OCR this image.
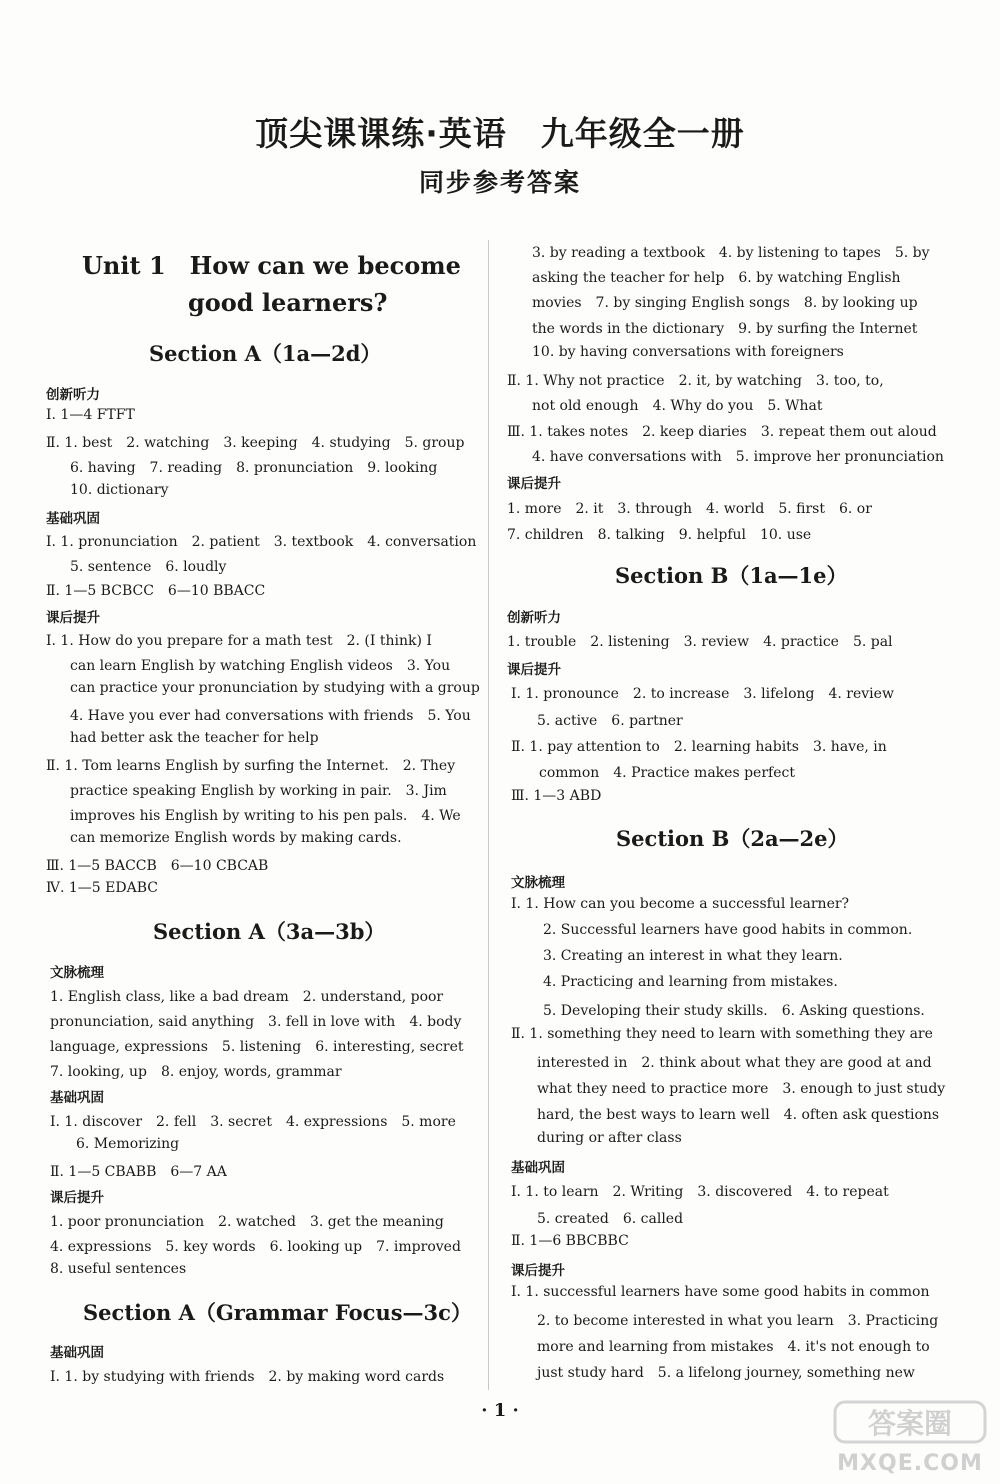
顶尖课课练·英语　九年级全一册
同步参考答案
Unit 1　How can we become
good learners?
Section A（1a—2d）
创新听力
Ⅰ. 1—4 FTFT
Ⅱ. 1. best　2. watching　3. keeping　4. studying　5. group
6. having　7. reading　8. pronunciation　9. looking
10. dictionary
基础巩固
Ⅰ. 1. pronunciation　2. patient　3. textbook　4. conversation
5. sentence　6. loudly
Ⅱ. 1—5 BCBCC　6—10 BBACC
课后提升
Ⅰ. 1. How do you prepare for a math test　2. (I think) I
can learn English by watching English videos　3. You
can practice your pronunciation by studying with a group
4. Have you ever had conversations with friends　5. You
had better ask the teacher for help
Ⅱ. 1. Tom learns English by surfing the Internet.　2. They
practice speaking English by working in pair.　3. Jim
improves his English by writing to his pen pals.　4. We
can memorize English words by making cards.
Ⅲ. 1—5 BACCB　6—10 CBCAB
Ⅳ. 1—5 EDABC
Section A（3a—3b）
文脉梳理
1. English class, like a bad dream　2. understand, poor
pronunciation, said anything　3. fell in love with　4. body
language, expressions　5. listening　6. interesting, secret
7. looking, up　8. enjoy, words, grammar
基础巩固
Ⅰ. 1. discover　2. fell　3. secret　4. expressions　5. more
6. Memorizing
Ⅱ. 1—5 CBABB　6—7 AA
课后提升
1. poor pronunciation　2. watched　3. get the meaning
4. expressions　5. key words　6. looking up　7. improved
8. useful sentences
Section A（Grammar Focus—3c）
基础巩固
Ⅰ. 1. by studying with friends　2. by making word cards
3. by reading a textbook　4. by listening to tapes　5. by
asking the teacher for help　6. by watching English
movies　7. by singing English songs　8. by looking up
the words in the dictionary　9. by surfing the Internet
10. by having conversations with foreigners
Ⅱ. 1. Why not practice　2. it, by watching　3. too, to,
not old enough　4. Why do you　5. What
Ⅲ. 1. takes notes　2. keep diaries　3. repeat them out aloud
4. have conversations with　5. improve her pronunciation
课后提升
1. more　2. it　3. through　4. world　5. first　6. or
7. children　8. talking　9. helpful　10. use
Section B（1a—1e）
创新听力
1. trouble　2. listening　3. review　4. practice　5. pal
课后提升
Ⅰ. 1. pronounce　2. to increase　3. lifelong　4. review
5. active　6. partner
Ⅱ. 1. pay attention to　2. learning habits　3. have, in
common　4. Practice makes perfect
Ⅲ. 1—3 ABD
Section B（2a—2e）
文脉梳理
Ⅰ. 1. How can you become a successful learner?
2. Successful learners have good habits in common.
3. Creating an interest in what they learn.
4. Practicing and learning from mistakes.
5. Developing their study skills.　6. Asking questions.
Ⅱ. 1. something they need to learn with something they are
interested in　2. think about what they are good at and
what they need to practice more　3. enough to just study
hard, the best ways to learn well　4. often ask questions
during or after class
基础巩固
Ⅰ. 1. to learn　2. Writing　3. discovered　4. to repeat
5. created　6. called
Ⅱ. 1—6 BBCBBC
课后提升
Ⅰ. 1. successful learners have some good habits in common
2. to become interested in what you learn　3. Practicing
more and learning from mistakes　4. it's not enough to
just study hard　5. a lifelong journey, something new
· 1 ·	答案圈
MXQE.COM
